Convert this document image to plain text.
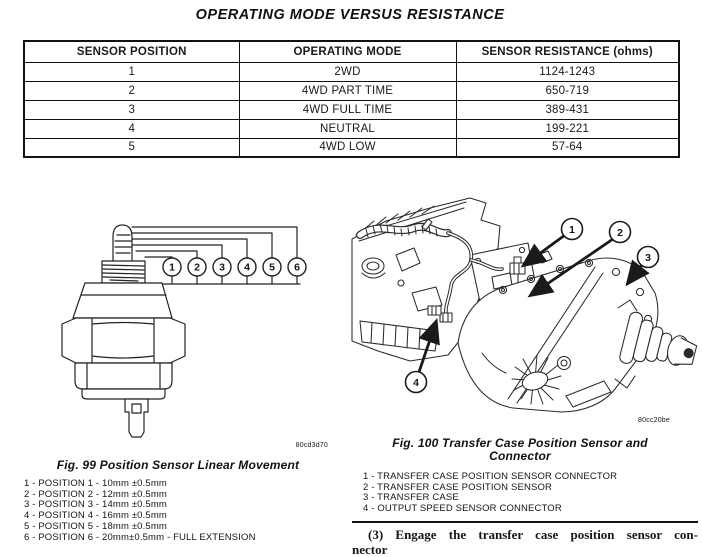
OPERATING MODE VERSUS RESISTANCE
SENSOR POSITION	OPERATING MODE	SENSOR RESISTANCE (ohms)
1	2WD	1124-1243
2	4WD PART TIME	650-719
3	4WD FULL TIME	389-431
4	NEUTRAL	199-221
5	4WD LOW	57-64
1 2 3 4 5 6
80cd3d70
Fig. 99 Position Sensor Linear Movement
1 - POSITION 1 - 10mm ±0.5mm
2 - POSITION 2 - 12mm ±0.5mm
3 - POSITION 3 - 14mm ±0.5mm
4 - POSITION 4 - 16mm ±0.5mm
5 - POSITION 5 - 18mm ±0.5mm
6 - POSITION 6 - 20mm±0.5mm - FULL EXTENSION
1	2
3
4
80cc20be
Fig. 100 Transfer Case Position Sensor and
Connector
1 - TRANSFER CASE POSITION SENSOR CONNECTOR
2 - TRANSFER CASE POSITION SENSOR
3 - TRANSFER CASE
4 - OUTPUT SPEED SENSOR CONNECTOR
(3) Engage the transfer case position sensor con-
nector
